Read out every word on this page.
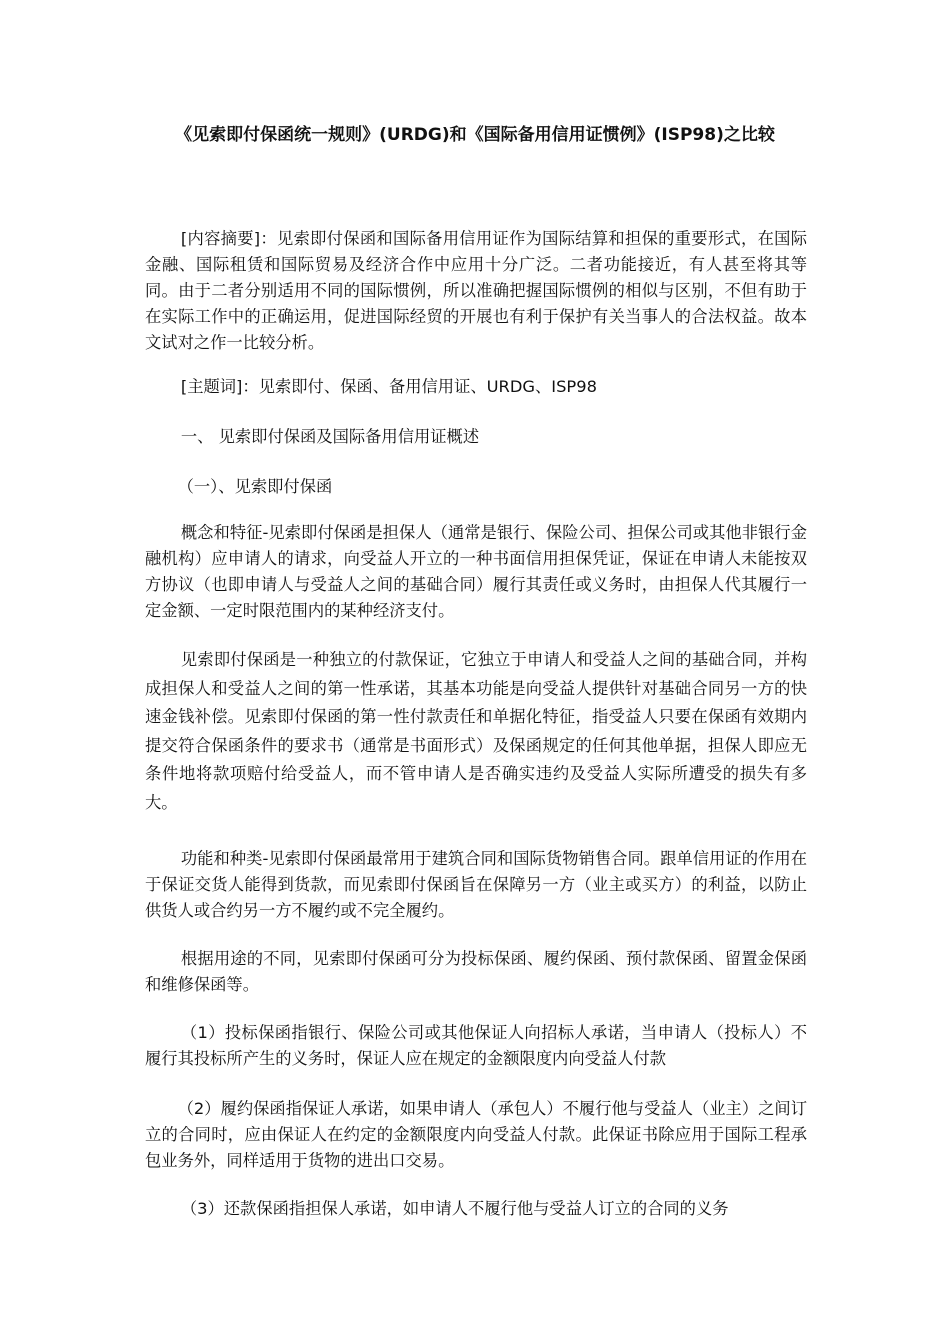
《见索即付保函统一规则》(URDG)和《国际备用信用证惯例》(ISP98)之比较

[内容摘要]：见索即付保函和国际备用信用证作为国际结算和担保的重要形式，在国际金融、国际租赁和国际贸易及经济合作中应用十分广泛。二者功能接近，有人甚至将其等同。由于二者分别适用不同的国际惯例，所以准确把握国际惯例的相似与区别，不但有助于在实际工作中的正确运用，促进国际经贸的开展也有利于保护有关当事人的合法权益。故本文试对之作一比较分析。

[主题词]：见索即付、保函、备用信用证、URDG、ISP98

一、 见索即付保函及国际备用信用证概述

（一）、见索即付保函

概念和特征-见索即付保函是担保人（通常是银行、保险公司、担保公司或其他非银行金融机构）应申请人的请求，向受益人开立的一种书面信用担保凭证，保证在申请人未能按双方协议（也即申请人与受益人之间的基础合同）履行其责任或义务时，由担保人代其履行一定金额、一定时限范围内的某种经济支付。

见索即付保函是一种独立的付款保证，它独立于申请人和受益人之间的基础合同，并构成担保人和受益人之间的第一性承诺，其基本功能是向受益人提供针对基础合同另一方的快速金钱补偿。见索即付保函的第一性付款责任和单据化特征，指受益人只要在保函有效期内提交符合保函条件的要求书（通常是书面形式）及保函规定的任何其他单据，担保人即应无条件地将款项赔付给受益人，而不管申请人是否确实违约及受益人实际所遭受的损失有多大。

功能和种类-见索即付保函最常用于建筑合同和国际货物销售合同。跟单信用证的作用在于保证交货人能得到货款，而见索即付保函旨在保障另一方（业主或买方）的利益，以防止供货人或合约另一方不履约或不完全履约。

根据用途的不同，见索即付保函可分为投标保函、履约保函、预付款保函、留置金保函和维修保函等。

（1）投标保函指银行、保险公司或其他保证人向招标人承诺，当申请人（投标人）不履行其投标所产生的义务时，保证人应在规定的金额限度内向受益人付款

（2）履约保函指保证人承诺，如果申请人（承包人）不履行他与受益人（业主）之间订立的合同时，应由保证人在约定的金额限度内向受益人付款。此保证书除应用于国际工程承包业务外，同样适用于货物的进出口交易。

（3）还款保函指担保人承诺，如申请人不履行他与受益人订立的合同的义务
